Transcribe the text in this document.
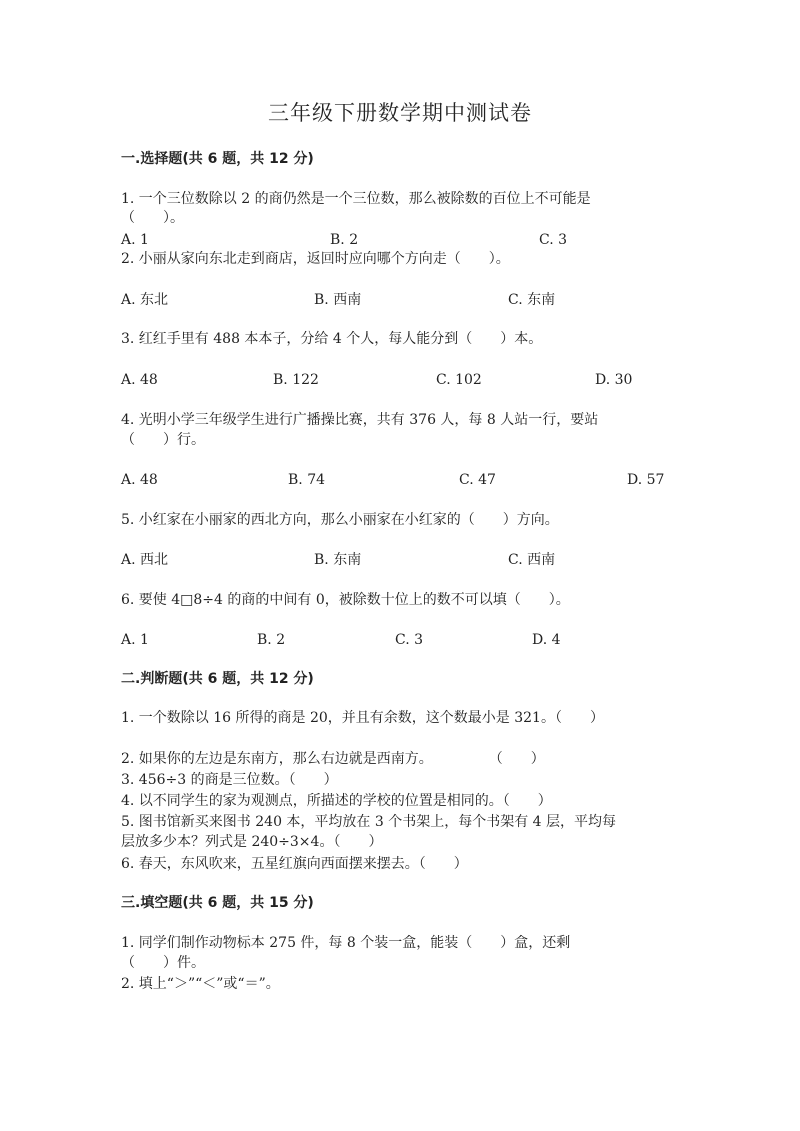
三年级下册数学期中测试卷
一.选择题(共 6 题，共 12 分)
1. 一个三位数除以 2 的商仍然是一个三位数，那么被除数的百位上不可能是
（　　）。
A. 1	B. 2	C. 3
2. 小丽从家向东北走到商店，返回时应向哪个方向走（　　）。
A. 东北	B. 西南	C. 东南
3. 红红手里有 488 本本子，分给 4 个人，每人能分到（　　）本。
A. 48	B. 122	C. 102	D. 30
4. 光明小学三年级学生进行广播操比赛，共有 376 人，每 8 人站一行，要站
（　　）行。
A. 48	B. 74	C. 47	D. 57
5. 小红家在小丽家的西北方向，那么小丽家在小红家的（　　）方向。
A. 西北	B. 东南	C. 西南
6. 要使 4□8÷4 的商的中间有 0，被除数十位上的数不可以填（　　）。
A. 1	B. 2	C. 3	D. 4
二.判断题(共 6 题，共 12 分)
1. 一个数除以 16 所得的商是 20，并且有余数，这个数最小是 321。（　　）
2. 如果你的左边是东南方，那么右边就是西南方。　　　　　（　　）
3. 456÷3 的商是三位数。（　　）
4. 以不同学生的家为观测点，所描述的学校的位置是相同的。（　　）
5. 图书馆新买来图书 240 本，平均放在 3 个书架上，每个书架有 4 层，平均每
层放多少本？列式是 240÷3×4。（　　）
6. 春天，东风吹来，五星红旗向西面摆来摆去。（　　）
三.填空题(共 6 题，共 15 分)
1. 同学们制作动物标本 275 件，每 8 个装一盒，能装（　　）盒，还剩
（　　）件。
2. 填上“＞”“＜”或“＝”。
